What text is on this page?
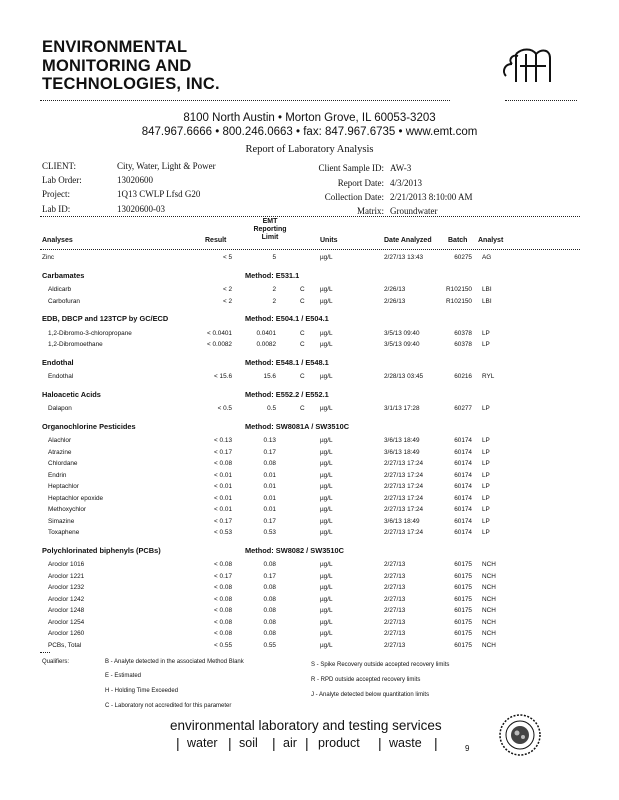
ENVIRONMENTAL
MONITORING AND
TECHNOLOGIES, INC.
8100 North Austin • Morton Grove, IL 60053-3203
847.967.6666 • 800.246.0663 • fax: 847.967.6735 • www.emt.com
Report of Laboratory Analysis
CLIENT:	City, Water, Light & Power
Lab Order:	13020600
Project:	1Q13 CWLP Lfsd G20
Lab ID:	13020600-03
Client Sample ID: AW-3
Report Date: 4/3/2013
Collection Date: 2/21/2013 8:10:00 AM
Matrix: Groundwater
Analyses	Result
EMT
Reporting
Limit	Units	Date Analyzed Batch Analyst
Zinc	< 5	5	µg/L	2/27/13 13:43	60275 AG
Carbamates	Method: E531.1
Aldicarb	< 2	2	C µg/L	2/26/13	R102150 LBI
Carbofuran	< 2	2	C µg/L	2/26/13	R102150 LBI
EDB, DBCP and 123TCP by GC/ECD	Method: E504.1 / E504.1
1,2-Dibromo-3-chloropropane	< 0.0401	0.0401	C µg/L	3/5/13 09:40	60378 LP
1,2-Dibromoethane	< 0.0082	0.0082	C µg/L	3/5/13 09:40	60378 LP
Endothal	Method: E548.1 / E548.1
Endothal	< 15.6	15.6	C µg/L	2/28/13 03:45	60216 RYL
Haloacetic Acids	Method: E552.2 / E552.1
Dalapon	< 0.5	0.5	C µg/L	3/1/13 17:28	60277 LP
Organochlorine Pesticides	Method: SW8081A / SW3510C
Alachlor	< 0.13	0.13	µg/L	3/6/13 18:49	60174 LP
Atrazine	< 0.17	0.17	µg/L	3/6/13 18:49	60174 LP
Chlordane	< 0.08	0.08	µg/L	2/27/13 17:24	60174 LP
Endrin	< 0.01	0.01	µg/L	2/27/13 17:24	60174 LP
Heptachlor	< 0.01	0.01	µg/L	2/27/13 17:24	60174 LP
Heptachlor epoxide	< 0.01	0.01	µg/L	2/27/13 17:24	60174 LP
Methoxychlor	< 0.01	0.01	µg/L	2/27/13 17:24	60174 LP
Simazine	< 0.17	0.17	µg/L	3/6/13 18:49	60174 LP
Toxaphene	< 0.53	0.53	µg/L	2/27/13 17:24	60174 LP
Polychlorinated biphenyls (PCBs)	Method: SW8082 / SW3510C
Aroclor 1016	< 0.08	0.08	µg/L	2/27/13	60175 NCH
Aroclor 1221	< 0.17	0.17	µg/L	2/27/13	60175 NCH
Aroclor 1232	< 0.08	0.08	µg/L	2/27/13	60175 NCH
Aroclor 1242	< 0.08	0.08	µg/L	2/27/13	60175 NCH
Aroclor 1248	< 0.08	0.08	µg/L	2/27/13	60175 NCH
Aroclor 1254	< 0.08	0.08	µg/L	2/27/13	60175 NCH
Aroclor 1260	< 0.08	0.08	µg/L	2/27/13	60175 NCH
PCBs, Total	< 0.55	0.55	µg/L	2/27/13	60175 NCH
Qualifiers:	B - Analyte detected in the associated Method Blank
E - Estimated
H - Holding Time Exceeded
C - Laboratory not accredited for this parameter
S - Spike Recovery outside accepted recovery limits
R - RPD outside accepted recovery limits
J - Analyte detected below quantitation limits
environmental laboratory and testing services
| water | soil | air | product | waste |	9
